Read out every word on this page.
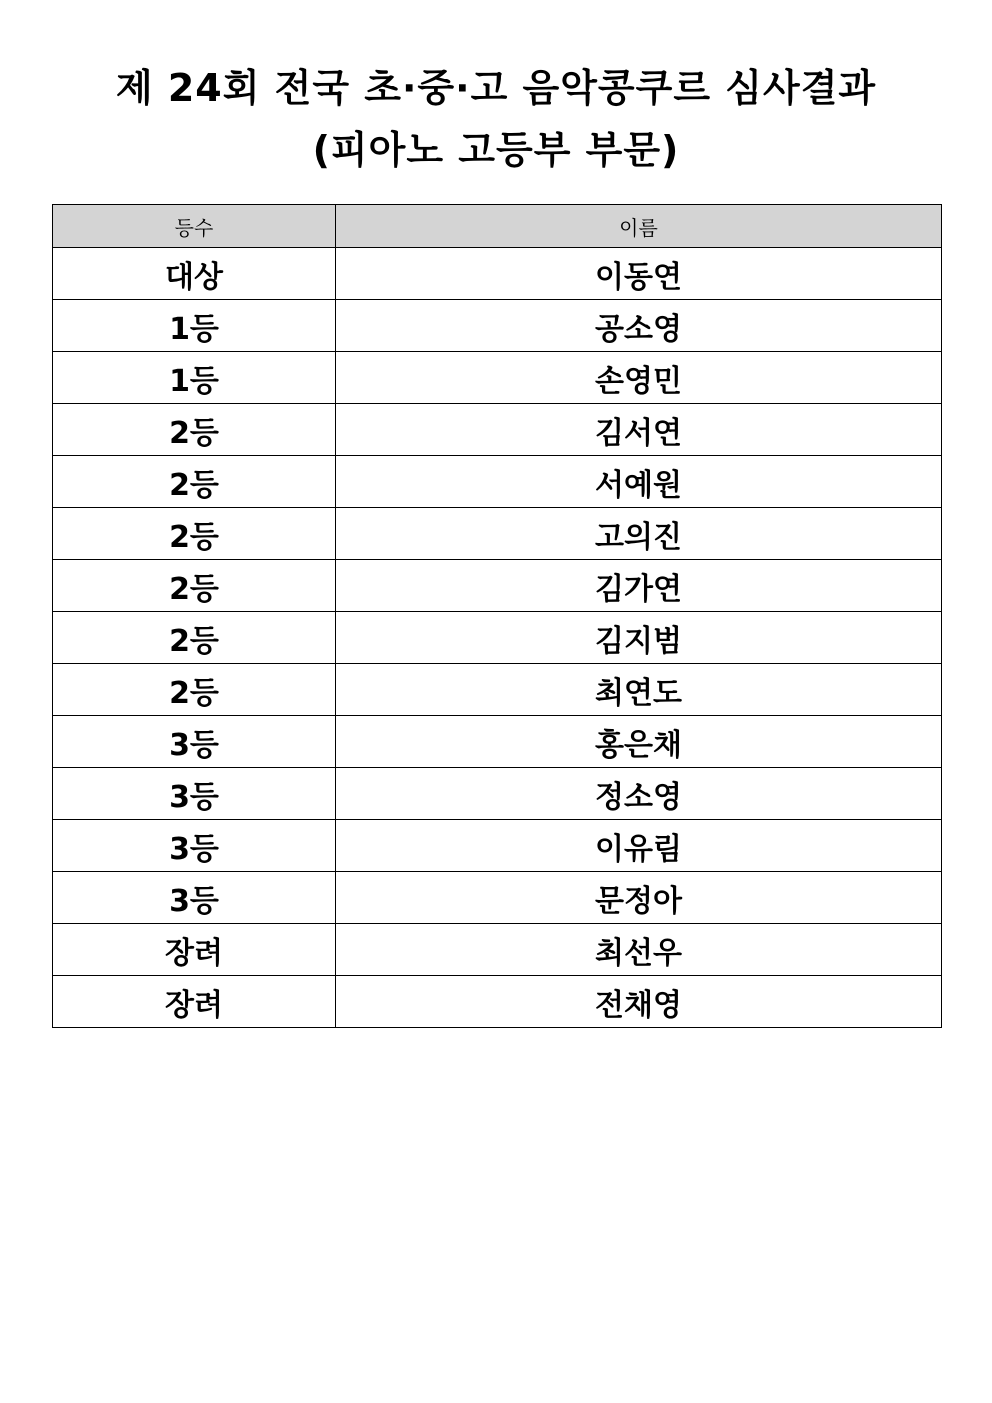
제 24회 전국 초·중·고 음악콩쿠르 심사결과
(피아노 고등부 부문)
등수	이름
대상	이동연
1등	공소영
1등	손영민
2등	김서연
2등	서예원
2등	고의진
2등	김가연
2등	김지범
2등	최연도
3등	홍은채
3등	정소영
3등	이유림
3등	문정아
장려	최선우
장려	전채영
